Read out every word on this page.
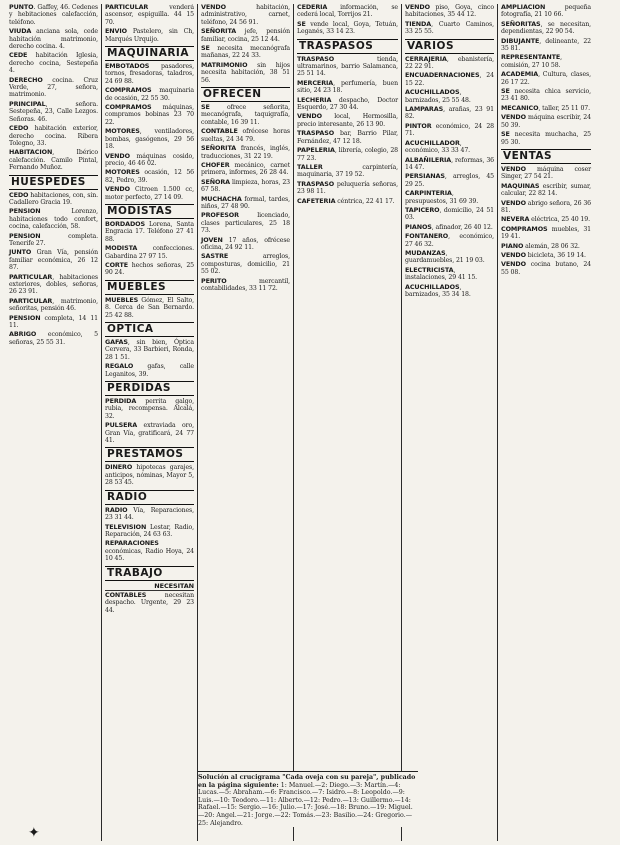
PUNTO. Gaffey, 46. Cedenes y hebitaciones calefacción, teléfono.
VIUDA anciana sola, cede habitación matrimonio, derecho cocina. 4.
CEDE habitación Iglesia, derecho cocina, Sestepeña 4.
DERECHO cocina. Cruz Verde, 27, señora, matrimonio.
PRINCIPAL, señora. Sestepeña, 23, Calle Lezgos. Señoras. 46.
CEDO habitación exterior, derecho cocina. Ribera Tolegno, 33.
HABITACION, Ibérico calefacción. Camilo Pintal, Fernando Muñoz.
HUESPEDES
CEDO habitaciones, con, sin. Cadallero Gracia 19.
PENSION Lorenzo, habitaciones todo confort, cocina, calefacción, 58.
PENSION completa. Tenerife 27.
JUNTO Gran Vía, pensión familiar económica, 26 12 87.
PARTICULAR, habitaciones exteriores, dobles, señoras, 26 23 91.
PARTICULAR, matrimonio, señoritas, pensión 46.
PENSION completa, 14 11 11.
ABRIGO económico, 5 señoras, 25 55 31.
PARTICULAR venderá ascensor, espiguilla. 44 15 70.
ENVIO Pastelero, sin Ch, Marqués Urquijo.
MAQUINARIA
EMBOTADOS pasadores, tornos, fresadoras, taladros, 24 69 88.
COMPRAMOS maquinaria de ocasión, 22 55 30.
COMPRAMOS máquinas, compramos bobinas 23 70 22.
MOTORES, ventiladores, bombas, gasógenos, 29 56 18.
VENDO máquinas cosido, precio, 46 46 02.
MOTORES ocasión, 12 56 82, Pedro, 39.
VENDO Citroen 1.500 cc, motor perfecto, 27 14 09.
MODISTAS
BORDADOS Lorena, Santa Engracia 17. Teléfono 27 41 88.
MODISTA confecciones. Gabardina 27 97 15.
CORTE hechos señoras, 25 90 24.
MUEBLES
MUEBLES Gómez, El Salto, 8. Cerca de San Bernardo. 25 42 88.
OPTICA
GAFAS, sin bien, Óptica Cervera, 33 Barbieri, Ronda, 28 1 51.
REGALO gafas, calle Leganitos, 39.
PERDIDAS
PERDIDA perrita galgo, rubia, recompensa. Alcalá, 32.
PULSERA extraviada oro, Gran Vía, gratificará, 24 77 41.
PRESTAMOS
DINERO hipotecas garajes, anticipos, nóminas, Mayor 5, 28 53 45.
RADIO
RADIO Vía, Reparaciones, 23 31 44.
TELEVISION Lestar, Radio, Reparación, 24 63 63.
REPARACIONES económicas, Radio Hoya, 24 10 45.
TRABAJO
NECESITAN
CONTABLES necesitan despacho. Urgente, 29 23 44.
VENDO habitación, administrativo, carnet, teléfono, 24 56 91.
SEÑORITA jefe, pensión familiar, cocina, 25 12 44.
SE necesita mecanógrafa mañanas, 22 24 33.
MATRIMONIO sin hijos necesita habitación, 38 51 56.
OFRECEN
SE ofrece señorita, mecanógrafa, taquigrafía, contable, 16 39 11.
CONTABLE ofrécese horas sueltas, 24 34 79.
SEÑORITA francés, inglés, traducciones, 31 22 19.
CHOFER mecánico, carnet primera, informes, 26 28 44.
SEÑORA limpieza, horas, 23 67 58.
MUCHACHA formal, tardes, niños, 27 48 90.
PROFESOR licenciado, clases particulares, 25 18 73.
JOVEN 17 años, ofrécese oficina, 24 92 11.
SASTRE arreglos, composturas, domicilio, 21 55 02.
PERITO mercantil, contabilidades, 33 11 72.
CEDERIA información, se cederá local, Torrijos 21.
SE vende local, Goya, Tetuán, Leganés, 33 14 23.
TRASPASOS
TRASPASO tienda, ultramarinos, barrio Salamanca, 25 51 14.
MERCERIA, perfumería, buen sitio, 24 23 18.
LECHERIA despacho, Doctor Esquerdo, 27 30 44.
VENDO local, Hermosilla, precio interesante, 26 13 90.
TRASPASO bar, Barrio Pilar, Fernández, 47 12 18.
PAPELERIA, librería, colegio, 28 77 23.
TALLER carpintería, maquinaria, 37 19 52.
TRASPASO peluquería señoras, 23 98 11.
CAFETERIA céntrica, 22 41 17.
VENDO piso, Goya, cinco habitaciones, 35 44 12.
TIENDA, Cuarto Caminos, 33 25 55.
VARIOS
CERRAJERIA, ebanistería, 22 22 91.
ENCUADERNACIONES, 24 15 22.
ACUCHILLADOS, barnizados, 25 55 48.
LAMPARAS, arañas, 23 91 82.
PINTOR económico, 24 28 71.
ACUCHILLADOR, económico, 33 33 47.
ALBAÑILERIA, reformas, 36 14 47.
PERSIANAS, arreglos, 45 29 25.
CARPINTERIA, presupuestos, 31 69 39.
TAPICERO, domicilio, 24 51 03.
PIANOS, afinador, 26 40 12.
FONTANERO, económico, 27 46 32.
MUDANZAS, guardamuebles, 21 19 03.
ELECTRICISTA, instalaciones, 29 41 15.
ACUCHILLADOS, barnizados, 35 34 18.
AMPLIACION pequeña fotografía, 21 10 66.
SEÑORITAS, se necesitan, dependientas, 22 90 54.
DIBUJANTE, delineante, 22 35 81.
REPRESENTANTE, comisión, 27 10 58.
ACADEMIA, Cultura, clases, 26 17 22.
SE necesita chica servicio, 23 41 80.
MECANICO, taller, 25 11 07.
VENDO máquina escribir, 24 50 39.
SE necesita muchacha, 25 95 30.
VENTAS
VENDO máquina coser Singer, 27 54 21.
MAQUINAS escribir, sumar, calcular, 22 82 14.
VENDO abrigo señora, 26 36 81.
NEVERA eléctrica, 25 40 19.
COMPRAMOS muebles, 31 19 41.
PIANO alemán, 28 06 32.
VENDO bicicleta, 36 19 14.
VENDO cocina butano, 24 55 08.
Solución al crucigrama "Cada oveja con su pareja", publicado en la página siguiente: 1: Manuel.—2: Diego.—3: Martín.—4: Lucas.—5: Abraham.—6: Francisco.—7: Isidro.—8: Leopoldo.—9: Luis.—10: Teodoro.—11: Alberto.—12: Pedro.—13: Guillermo.—14: Rafael.—15: Sergio.—16: Julio.—17: José.—18: Bruno.—19: Miguel.—20: Angel.—21: Jorge.—22: Tomás.—23: Basilio.—24: Gregorio.—25: Alejandro.
✦
